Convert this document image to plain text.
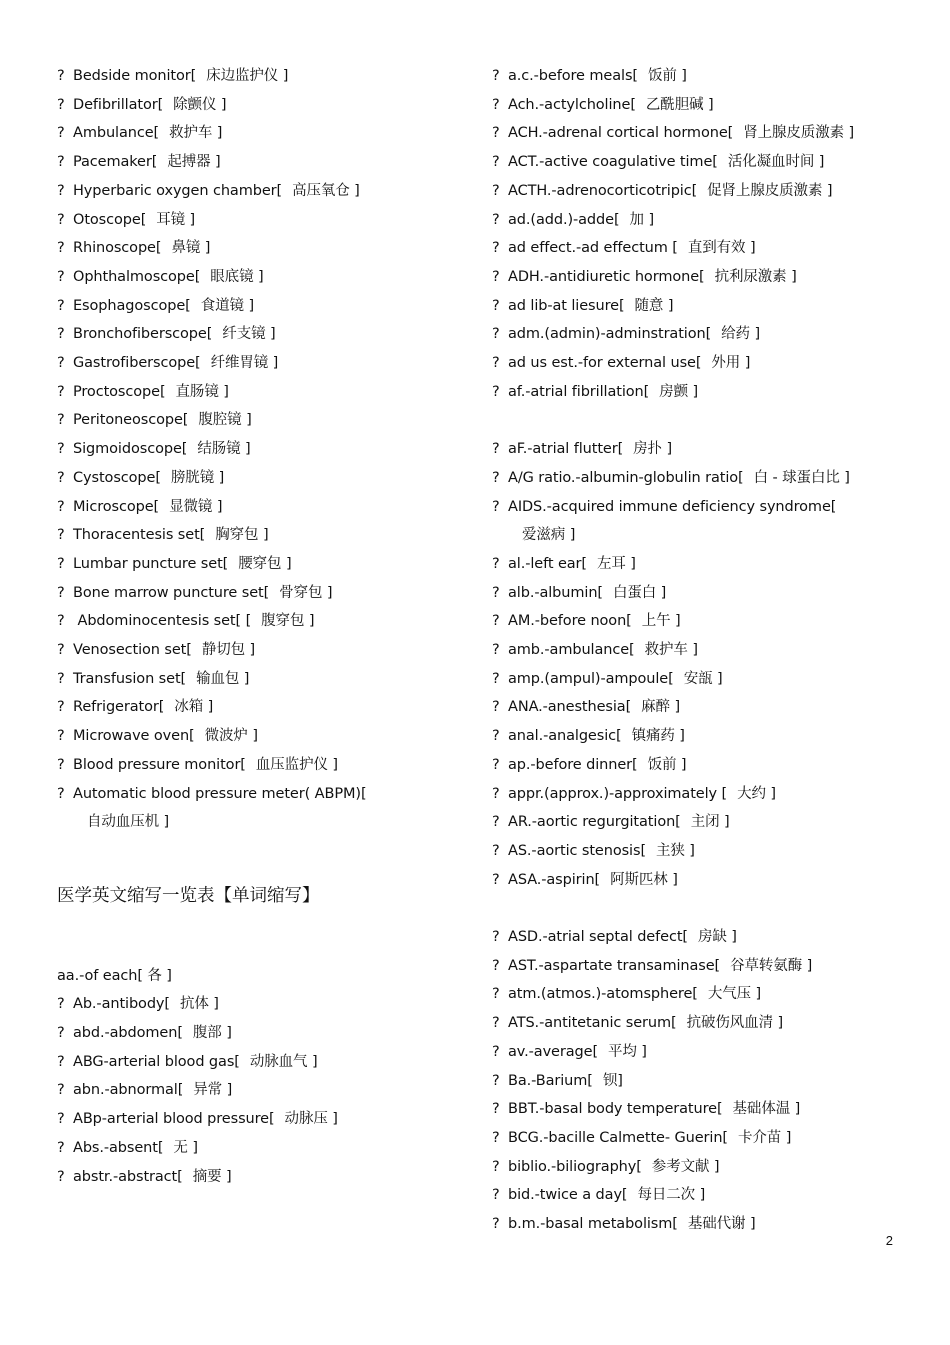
? Bedside monitor[ 床边监护仪 ]
? Defibrillator[ 除颤仪 ]
? Ambulance[ 救护车 ]
? Pacemaker[ 起搏器 ]
? Hyperbaric oxygen chamber[ 高压氧仓 ]
? Otoscope[ 耳镜 ]
? Rhinoscope[ 鼻镜 ]
? Ophthalmoscope[ 眼底镜 ]
? Esophagoscope[ 食道镜 ]
? Bronchofiberscope[ 纤支镜 ]
? Gastrofiberscope[ 纤维胃镜 ]
? Proctoscope[ 直肠镜 ]
? Peritoneoscope[ 腹腔镜 ]
? Sigmoidoscope[ 结肠镜 ]
? Cystoscope[ 膀胱镜 ]
? Microscope[ 显微镜 ]
? Thoracentesis set[ 胸穿包 ]
? Lumbar puncture set[ 腰穿包 ]
? Bone marrow puncture set[ 骨穿包 ]
? Abdominocentesis set[ [ 腹穿包 ]
? Venosection set[ 静切包 ]
? Transfusion set[ 输血包 ]
? Refrigerator[ 冰箱 ]
? Microwave oven[ 微波炉 ]
? Blood pressure monitor[ 血压监护仪 ]
? Automatic blood pressure meter( ABPM)[自动血压机 ]
医学英文缩写一览表【单词缩写】
aa.-of each[ 各 ]
? Ab.-antibody[ 抗体 ]
? abd.-abdomen[ 腹部 ]
? ABG-arterial blood gas[ 动脉血气 ]
? abn.-abnormal[ 异常 ]
? ABp-arterial blood pressure[ 动脉压 ]
? Abs.-absent[ 无 ]
? abstr.-abstract[ 摘要 ]
? a.c.-before meals[ 饭前 ]
? Ach.-actylcholine[ 乙酰胆碱 ]
? ACH.-adrenal cortical hormone[ 肾上腺皮质激素 ]
? ACT.-active coagulative time[ 活化凝血时间 ]
? ACTH.-adrenocorticotripic[ 促肾上腺皮质激素 ]
? ad.(add.)-adde[ 加 ]
? ad effect.-ad effectum [ 直到有效 ]
? ADH.-antidiuretic hormone[ 抗利尿激素 ]
? ad lib-at liesure[ 随意 ]
? adm.(admin)-adminstration[ 给药 ]
? ad us est.-for external use[ 外用 ]
? af.-atrial fibrillation[ 房颤 ]
? aF.-atrial flutter[ 房扑 ]
? A/G ratio.-albumin-globulin ratio[ 白 - 球蛋白比 ]
? AIDS.-acquired immune deficiency syndrome[爱滋病 ]
? al.-left ear[ 左耳 ]
? alb.-albumin[ 白蛋白 ]
? AM.-before noon[ 上午 ]
? amb.-ambulance[ 救护车 ]
? amp.(ampul)-ampoule[ 安瓿 ]
? ANA.-anesthesia[ 麻醉 ]
? anal.-analgesic[ 镇痛药 ]
? ap.-before dinner[ 饭前 ]
? appr.(approx.)-approximately [ 大约 ]
? AR.-aortic regurgitation[ 主闭 ]
? AS.-aortic stenosis[ 主狭 ]
? ASA.-aspirin[ 阿斯匹林 ]
? ASD.-atrial septal defect[ 房缺 ]
? AST.-aspartate transaminase[ 谷草转氨酶 ]
? atm.(atmos.)-atomsphere[ 大气压 ]
? ATS.-antitetanic serum[ 抗破伤风血清 ]
? av.-average[ 平均 ]
? Ba.-Barium[ 钡]
? BBT.-basal body temperature[ 基础体温 ]
? BCG.-bacille Calmette- Guerin[ 卡介苗 ]
? biblio.-biliography[ 参考文献 ]
? bid.-twice a day[ 每日二次 ]
? b.m.-basal metabolism[ 基础代谢 ]
2
